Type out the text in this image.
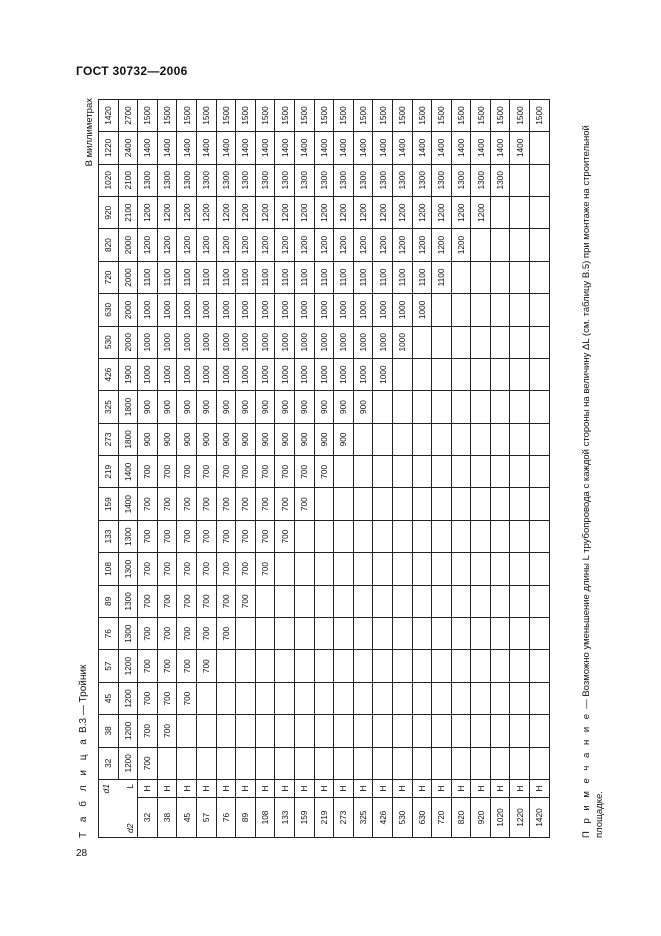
ГОСТ 30732—2006
Т а б л и ц а В.3 — Тройник
В миллиметрах
d1
d2
L		32	38	45	57	76	89	108	133	159	219	273	325	426	530	630	720	820	920	1020	1220	1420
		1200	1200	1200	1200	1300	1300	1300	1300	1400	1400	1800	1800	1900	2000	2000	2000	2000	2100	2100	2400	2700
32	Н	700	700	700	700	700	700	700	700	700	700	900	900	1000	1000	1000	1100	1200	1200	1300	1400	1500
38	Н		700	700	700	700	700	700	700	700	700	900	900	1000	1000	1000	1100	1200	1200	1300	1400	1500
45	Н			700	700	700	700	700	700	700	700	900	900	1000	1000	1000	1100	1200	1200	1300	1400	1500
57	Н				700	700	700	700	700	700	700	900	900	1000	1000	1000	1100	1200	1200	1300	1400	1500
76	Н					700	700	700	700	700	700	900	900	1000	1000	1000	1100	1200	1200	1300	1400	1500
89	Н						700	700	700	700	700	900	900	1000	1000	1000	1100	1200	1200	1300	1400	1500
108	Н							700	700	700	700	900	900	1000	1000	1000	1100	1200	1200	1300	1400	1500
133	Н								700	700	700	900	900	1000	1000	1000	1100	1200	1200	1300	1400	1500
159	Н									700	700	900	900	1000	1000	1000	1100	1200	1200	1300	1400	1500
219	Н										700	900	900	1000	1000	1000	1100	1200	1200	1300	1400	1500
273	Н											900	900	1000	1000	1000	1100	1200	1200	1300	1400	1500
325	Н												900	1000	1000	1000	1100	1200	1200	1300	1400	1500
426	Н													1000	1000	1000	1100	1200	1200	1300	1400	1500
530	Н														1000	1000	1100	1200	1200	1300	1400	1500
630	Н															1000	1100	1200	1200	1300	1400	1500
720	Н																1100	1200	1200	1300	1400	1500
820	Н																	1200	1200	1300	1400	1500
920	Н																		1200	1300	1400	1500
1020	Н																			1300	1400	1500
1220	Н																				1400	1500
1420	Н																					1500
П р и м е ч а н и е — Возможно уменьшение длины L трубопровода с каждой стороны на величину ΔL (см. таблицу В.5) при монтаже на строительной площадке.
28
